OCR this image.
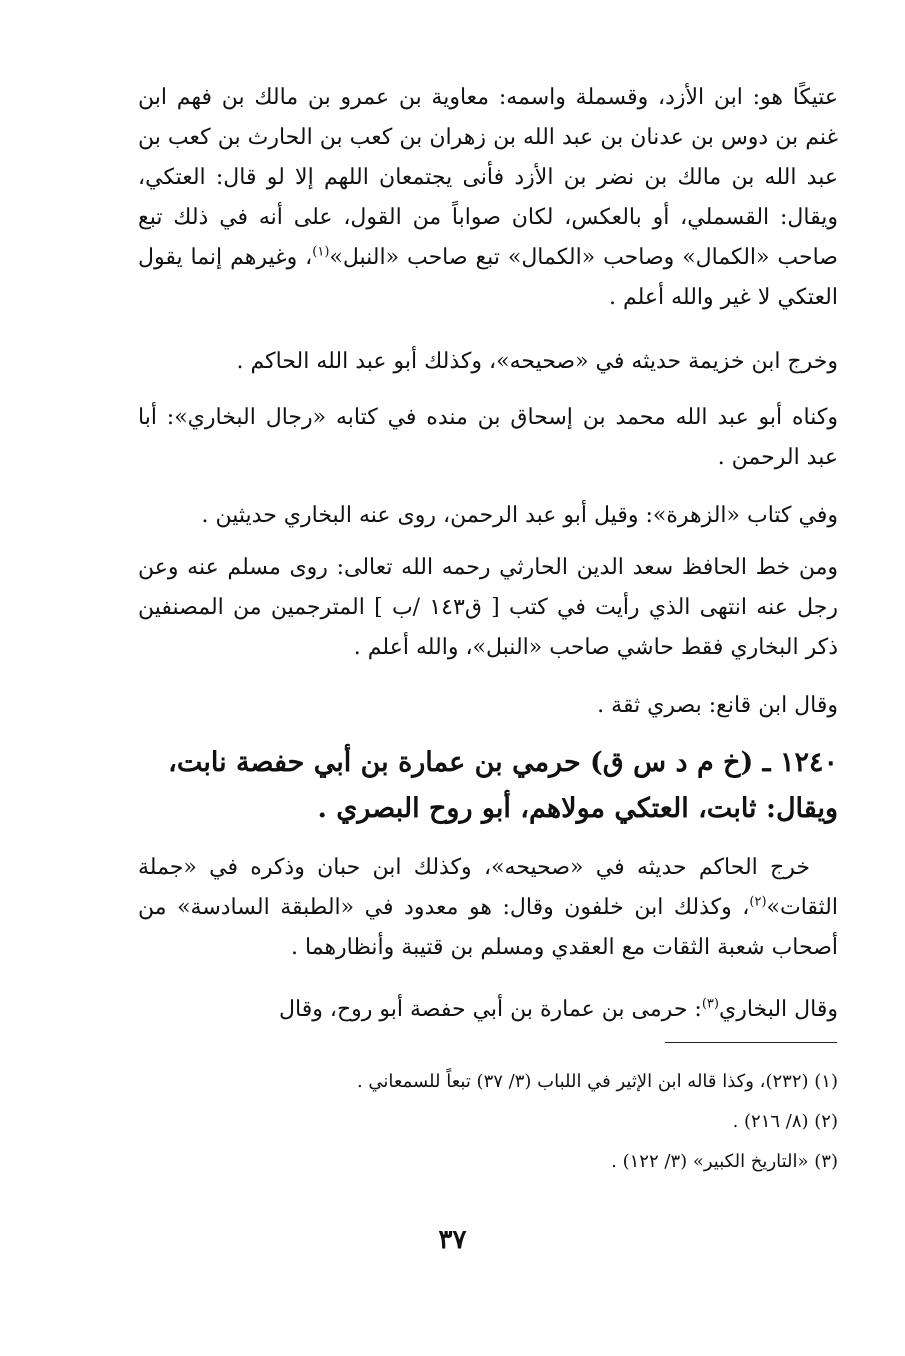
عتيكًا هو: ابن الأزد، وقسملة واسمه: معاوية بن عمرو بن مالك بن فهم ابن غنم بن دوس بن عدنان بن عبد الله بن زهران بن كعب بن الحارث بن كعب بن عبد الله بن مالك بن نضر بن الأزد فأنى يجتمعان اللهم إلا لو قال: العتكي، ويقال: القسملي، أو بالعكس، لكان صواباً من القول، على أنه في ذلك تبع صاحب «الكمال» وصاحب «الكمال» تبع صاحب «النبل»$^{(١)}$، وغيرهم إنما يقول العتكي لا غير والله أعلم .

وخرج ابن خزيمة حديثه في «صحيحه»، وكذلك أبو عبد الله الحاكم .

وكناه أبو عبد الله محمد بن إسحاق بن منده في كتابه «رجال البخاري»: أبا عبد الرحمن .

وفي كتاب «الزهرة»: وقيل أبو عبد الرحمن، روى عنه البخاري حديثين .

ومن خط الحافظ سعد الدين الحارثي رحمه الله تعالى: روى مسلم عنه وعن رجل عنه انتهى الذي رأيت في كتب [ ق١٤٣ /ب ] المترجمين من المصنفين ذكر البخاري فقط حاشي صاحب «النبل»، والله أعلم .

وقال ابن قانع: بصري ثقة .

١٢٤٠ ـ (خ م د س ق) حرمي بن عمارة بن أبي حفصة نابت، ويقال: ثابت، العتكي مولاهم، أبو روح البصري .

خرج الحاكم حديثه في «صحيحه»، وكذلك ابن حبان وذكره في «جملة الثقات»$^{(٢)}$، وكذلك ابن خلفون وقال: هو معدود في «الطبقة السادسة» من أصحاب شعبة الثقات مع العقدي ومسلم بن قتيبة وأنظارهما .

وقال البخاري$^{(٣)}$: حرمى بن عمارة بن أبي حفصة أبو روح، وقال

(١) (٢٣٢)، وكذا قاله ابن الإثير في اللباب (٣/ ٣٧) تبعاً للسمعاني .

(٢) (٨/ ٢١٦) .

(٣) «التاريخ الكبير» (٣/ ١٢٢) .

٣٧
